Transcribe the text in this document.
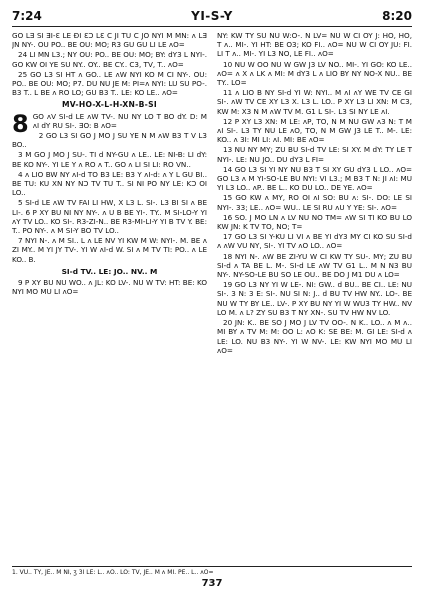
7:24	YI-S-Y	8:20

GO LƎ SI ƎI-Ɛ LE ÐI ƐƆ LƐ C JI TU C JO NYI M MN: ʌ LƎ JN NY-. OU PO.. BE OU: MO; R3 GU GU LI LE ʌO=

24 LI MN L3.; NY OU: PO.. BE OU: MO; BY: dY3 L NYI-. GO KW OI YE SU NY.. OY.. BE CY.. C3, TV, T.. ʌO=

25 GO L3 SI HT ʌ GO.. LE ʌW NYI KO M CI NY-. OU: PO.. BE OU: MO; P7. DU NU JE M: PI=ʌ NYI: LU SU PO-. B3 T.. L BE ʌ RO LO; GU B3 T.. LE: KO LE.. ʌO=

MV-HO-X-L-H-XN-B-SI
8 GO ʌV SI-d LE ʌW TV-. NU NY LO T BO dY. D: M ʌI dY RU SI-. ƎO: B ʌO=

2 GO L3 SI GO J MO J SU YE N M ʌW B3 T V L3 BO..

3 M GO J MO J SU-. TI d NY-GU ʌ LE.. LE: NI-B: LI dY: BE KO NY-. YI LE Y ʌ RO ʌ T.. GO ʌ LI SI LI: RO VN..

4 ʌ LIO BW NY ʌI-d TO B3 LE: B3 Y ʌI-d: ʌ Y L GU BI.. BE TU: KU XN NY NƆ TV TU T.. SI NI PO NY LE: KƆ OI LO..

5 SI-d LE ʌW TV FAI LI HW, X L3 L. SI-. L3 BI SI ʌ BE LI-. 6 P XY BU NI NY NY-. ʌ U B BE YI-. TY.. M SI-LO-Y YI ʌY TV LO.. KO SI-. R3-ZI-N.. BE R3-MI-LI-Y YI B TV Y. BE: T.. PO NY-. ʌ M SI-Y BO TV LO..

7 NYI N-. ʌ M SI.. L ʌ LE NV YI KW M W: NYI-. M. BE ʌ ZI MY.. M YI JY TV-. YI W ʌI-d W. SI ʌ M TV TI: PO.. ʌ LE KO.. B.

SI-d TV.. LE: JO.. NV.. M

9 P XY BU NU WO.. ʌ JL: KO LV-. NU W TV: HT: BE: KO NYI MO MU LI ʌO=

NY: KW TY SU NU W:O-. N LV= NU W CI OY J: HO, HO, T ʌ.. MI-. YI HT: BE O3; KO FI.. ʌO= NU W CI OY JU: FI. LI T ʌ.. MI-. YI L3 NO, LE FI.. ʌO=

10 NU W OO NU W GW J3 LV NO.. MI-. YI GO: KO LE.. ʌO= ʌ X ʌ LK ʌ MI: M dY3 L ʌ LIO BY NY NO-X NU.. BE TY.. LO=

11 ʌ LIO B NY SI-d YI W: NYI.. M ʌI ʌY WE TV CE GI SI-. ʌW TV CE XY L3 X. L3 L. LO.. P XY L3 LI XN: M C3, KW M: X3 N M ʌW TV M. G1 L SI-. L3 SI NY LE ʌI.

12 P XY L3 XN: M LE: ʌP, TO, N M NU GW ʌ3 N: T M ʌI SI-. L3 TY NU LE ʌO, TO, N M GW J3 LE T.. M-. LE: KO.. ʌ 3I: MI LI: ʌI. MI: BE ʌO=

13 NU NY MY; ZU BU SI-d TV LE: SI XY. M dY: TY LE T NYI-. LE: NU JO.. DU dY3 L FI=

14 GO L3 SI YI NY NU B3 T SI XY GU dY3 L LO.. ʌO= GO L3 ʌ M YI-SO-LE BU NYI: VI L3.; M B3 T N: JI ʌI: MU YI L3 LO.. ʌP.. BE L.. KO DU LO.. DE YE. ʌO=

15 GO KW ʌ MY, RO OI ʌI SO: BU ʌ: SI-. DO: LE SI NYI-. 33; LE.. ʌO= WU.. LE SI RU ʌU Y YE: SI-. ʌO=

16 SO. J MO LN ʌ LV NU NO TM= ʌW SI TI KO BU LO KW JN: K TV TO, NO; T=

17 GO L3 SI Y-KU LI VI ʌ BE YI dY3 MY CI KO SU SI-d ʌ ʌW VU NY, SI-. YI TV ʌO LO.. ʌO=

18 NYI N-. ʌW BE ZI-YU W CI KW TY SU-. MY; ZU BU SI-d ʌ TA BE L. M-. SI-d LE ʌW TV G1 L.. M N N3 BU NY-. NY-SO-LE BU SO LE OU.. BE DO J M1 DU ʌ LO=

19 GO L3 NY YI W LE-. NI: GW.. d BU.. BE CI.. LE: NU SI-. 3 N: 3 E: SI-. NU SI N: J.. d BU TV HW NY.. LO-. BE NU W TY BY LE.. LV-. P XY BU NY YI W WU3 TY HW.. NV LO M. ʌ L? ZY SU B3 T NY XN-. SU TV HW NV LO.

20 JN: K.. BE SO J MO J LV TV OO-. N K.. LO.. ʌ M ʌ.. MI BY ʌ TV M: M: OO L: ʌO K: SE BE: M. GI LE: SI-d ʌ LE: LO. NU B3 NY-. YI W NV-. LE: KW NYI MO MU LI ʌO=

1. VU.. TY, JE.. M NI, ʒ 3I LE: L.. ʌO.. LO: TV, JE.. M ʌ MI. PE.. L.. ʌO=
737
